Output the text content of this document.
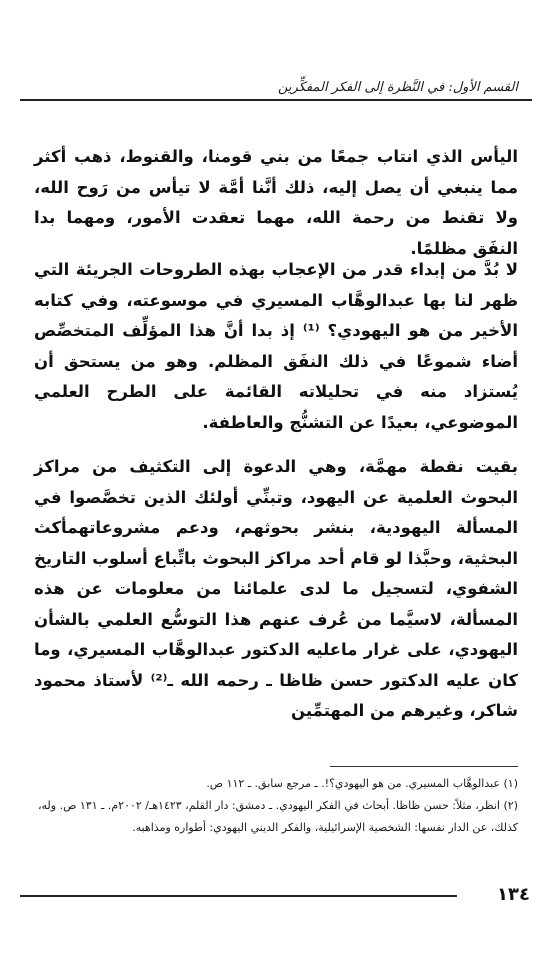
القسم الأول: في النَّظرة إلى الفكر المفكِّرين

اليأس الذي انتاب جمعًا من بني قومنا، والقنوط، ذهب أكثر مما ينبغي أن يصل إليه، ذلك أنَّنا أمَّة لا تيأس من رَوح الله، ولا تقنط من رحمة الله، مهما تعقدت الأمور، ومهما بدا النفَق مظلمًا.

لا بُدَّ من إبداء قدر من الإعجاب بهذه الطروحات الجريئة التي ظهر لنا بها عبدالوهَّاب المسيري في موسوعته، وفي كتابه الأخير من هو اليهودي؟ ⁽¹⁾ إذ بدا أنَّ هذا المؤلِّف المتخصِّص أضاء شموعًا في ذلك النفَق المظلم. وهو من يستحق أن يُستزاد منه في تحليلاته القائمة على الطرح العلمي الموضوعي، بعيدًا عن التشنُّج والعاطفة.

بقيت نقطة مهمَّة، وهي الدعوة إلى التكثيف من مراكز البحوث العلمية عن اليهود، وتبنِّي أولئك الذين تخصَّصوا في المسألة اليهودية، بنشر بحوثهم، ودعم مشروعاتهمأكث البحثية، وحبَّذا لو قام أحد مراكز البحوث باتِّباع أسلوب التاريخ الشفوي، لتسجيل ما لدى علمائنا من معلومات عن هذه المسألة، لاسيَّما من عُرف عنهم هذا التوسُّع العلمي بالشأن اليهودي، على غرار ماعليه الدكتور عبدالوهَّاب المسيري، وما كان عليه الدكتور حسن ظاظا ـ رحمه الله ـ⁽²⁾ لأستاذ محمود شاكر، وغيرهم من المهتمِّين

(١) عبدالوهَّاب المسيري. من هو اليهودي؟!. ـ مرجع سابق. ـ ١١٢ ص.

(٢) انظر، مثلاً: حسن ظاظا. أبحاث في الفكر اليهودي. ـ دمشق: دار القلم، ١٤٢٣هـ/ ٢٠٠٢م. ـ ١٣١ ص. وله، كذلك، عن الدار نفسها: الشخصية الإسرائيلية، والفكر الديني اليهودي: أطواره ومذاهبه.

١٣٤
